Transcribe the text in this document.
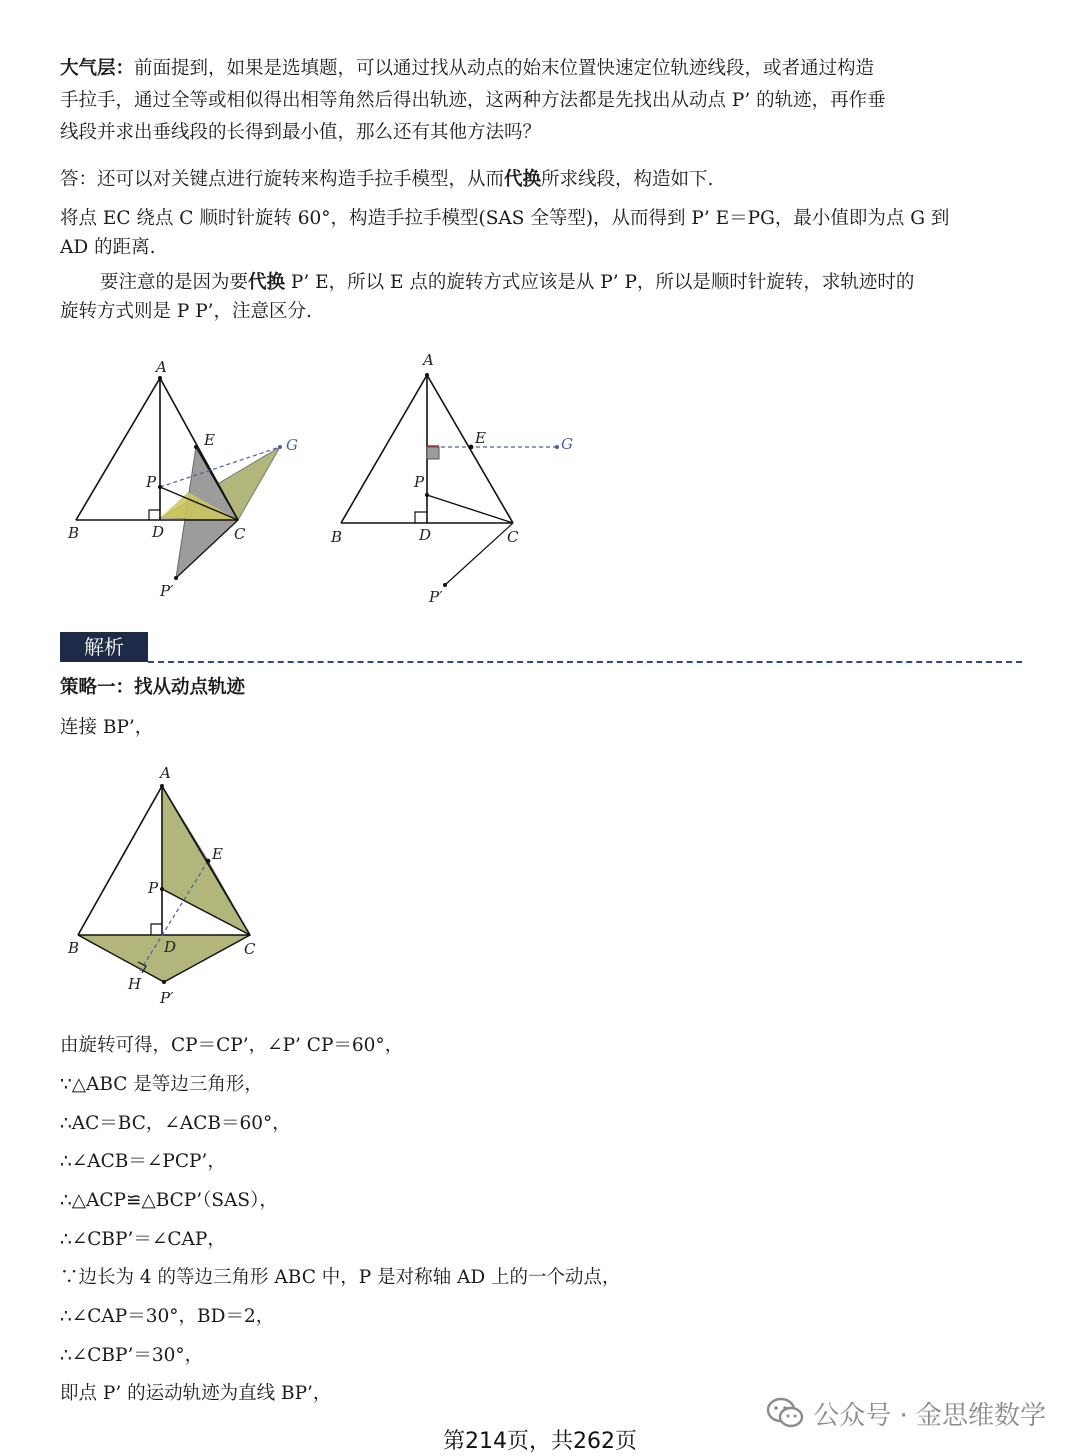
大气层：前面提到，如果是选填题，可以通过找从动点的始末位置快速定位轨迹线段，或者通过构造
手拉手，通过全等或相似得出相等角然后得出轨迹，这两种方法都是先找出从动点 P’ 的轨迹，再作垂
线段并求出垂线段的长得到最小值，那么还有其他方法吗？

答：还可以对关键点进行旋转来构造手拉手模型，从而代换所求线段，构造如下.

将点 EC 绕点 C 顺时针旋转 60°，构造手拉手模型(SAS 全等型)，从而得到 P’ E＝PG，最小值即为点 G 到
AD 的距离.

要注意的是因为要代换 P’ E，所以 E 点的旋转方式应该是从 P’ P，所以是顺时针旋转，求轨迹时的
旋转方式则是 P P’，注意区分.

A
E	G
P
B	D	C
P′
A
E	G
P
B	D	C
P′
解析

策略一：找从动点轨迹

连接 BP’，

A
E
P
B	D	C
H
P′

由旋转可得，CP＝CP’，∠P’ CP＝60°，

∵△ABC 是等边三角形，

∴AC＝BC，∠ACB＝60°，

∴∠ACB＝∠PCP’，

∴△ACP≌△BCP’（SAS），

∴∠CBP’＝∠CAP，

∵边长为 4 的等边三角形 ABC 中，P 是对称轴 AD 上的一个动点，

∴∠CAP＝30°，BD＝2，

∴∠CBP’＝30°，

即点 P’ 的运动轨迹为直线 BP’，

公众号 · 金思维数学
第214页，共262页
